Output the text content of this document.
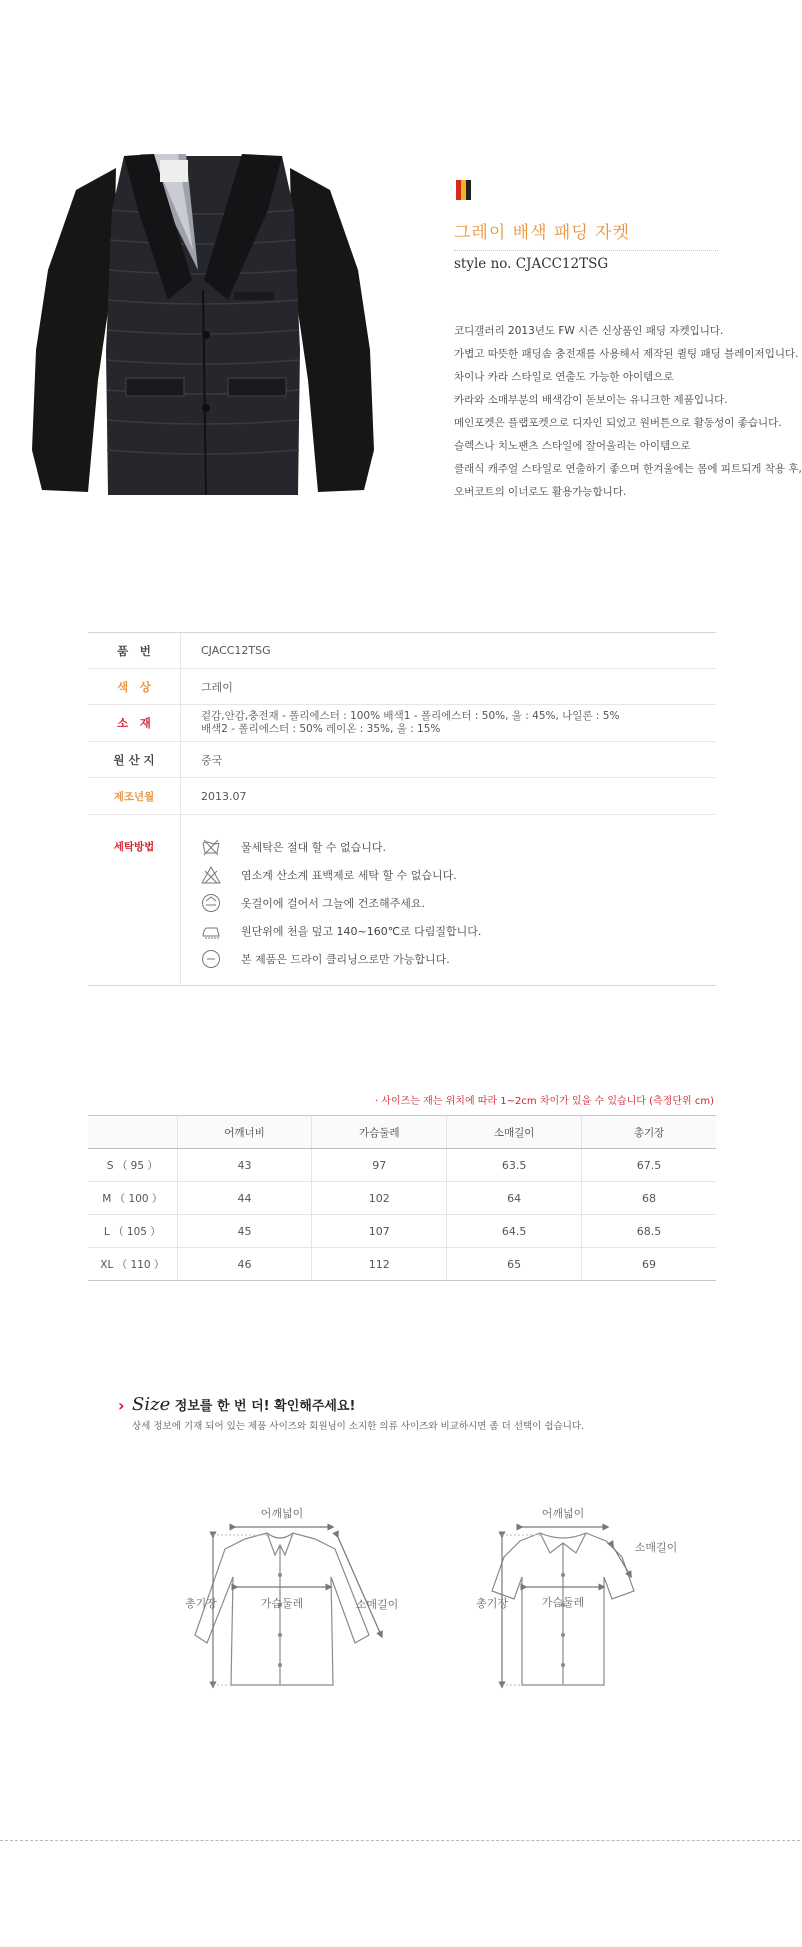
그레이 배색 패딩 자켓
style no. CJACC12TSG
코디갤러리 2013년도 FW 시즌 신상품인 패딩 자켓입니다.
가볍고 따뜻한 패딩솜 충전재를 사용해서 제작된 퀼팅 패딩 블레이저입니다.
차이나 카라 스타일로 연출도 가능한 아이템으로
카라와 소매부분의 배색감이 돋보이는 유니크한 제품입니다.
메인포켓은 플랩포켓으로 디자인 되었고 원버튼으로 활동성이 좋습니다.
슬렉스나 치노팬츠 스타일에 잘어울리는 아이템으로
클래식 캐주얼 스타일로 연출하기 좋으며 한겨울에는 몸에 피트되게 착용 후,
오버코트의 이너로도 활용가능합니다.
품　번	CJACC12TSG
색　상	그레이
소　재	겉감,안감,충전재 - 폴리에스터 : 100% 배색1 - 폴리에스터 : 50%, 울 : 45%, 나일론 : 5%
배색2 - 폴리에스터 : 50% 레이온 : 35%, 울 : 15%
원 산 지	중국
제조년월	2013.07
세탁방법	물세탁은 절대 할 수 없습니다.
염소계 산소계 표백제로 세탁 할 수 없습니다.
옷걸이에 걸어서 그늘에 건조해주세요.
원단위에 천을 덮고 140~160℃로 다림질합니다.
본 제품은 드라이 클리닝으로만 가능합니다.
· 사이즈는 재는 위치에 따라 1~2cm 차이가 있을 수 있습니다 (측정단위 cm)
	어깨너비	가슴둘레	소매길이	총기장
S （ 95 ）	43	97	63.5	67.5
M （ 100 ）	44	102	64	68
L （ 105 ）	45	107	64.5	68.5
XL （ 110 ）	46	112	65	69
› Size 정보를 한 번 더! 확인해주세요!
상세 정보에 기재 되어 있는 제품 사이즈와 회원님이 소지한 의류 사이즈와 비교하시면 좀 더 선택이 쉽습니다.
어깨넓이
총기장	가슴둘레	소매길이
어깨넓이
총기장	가슴둘레
소매길이
